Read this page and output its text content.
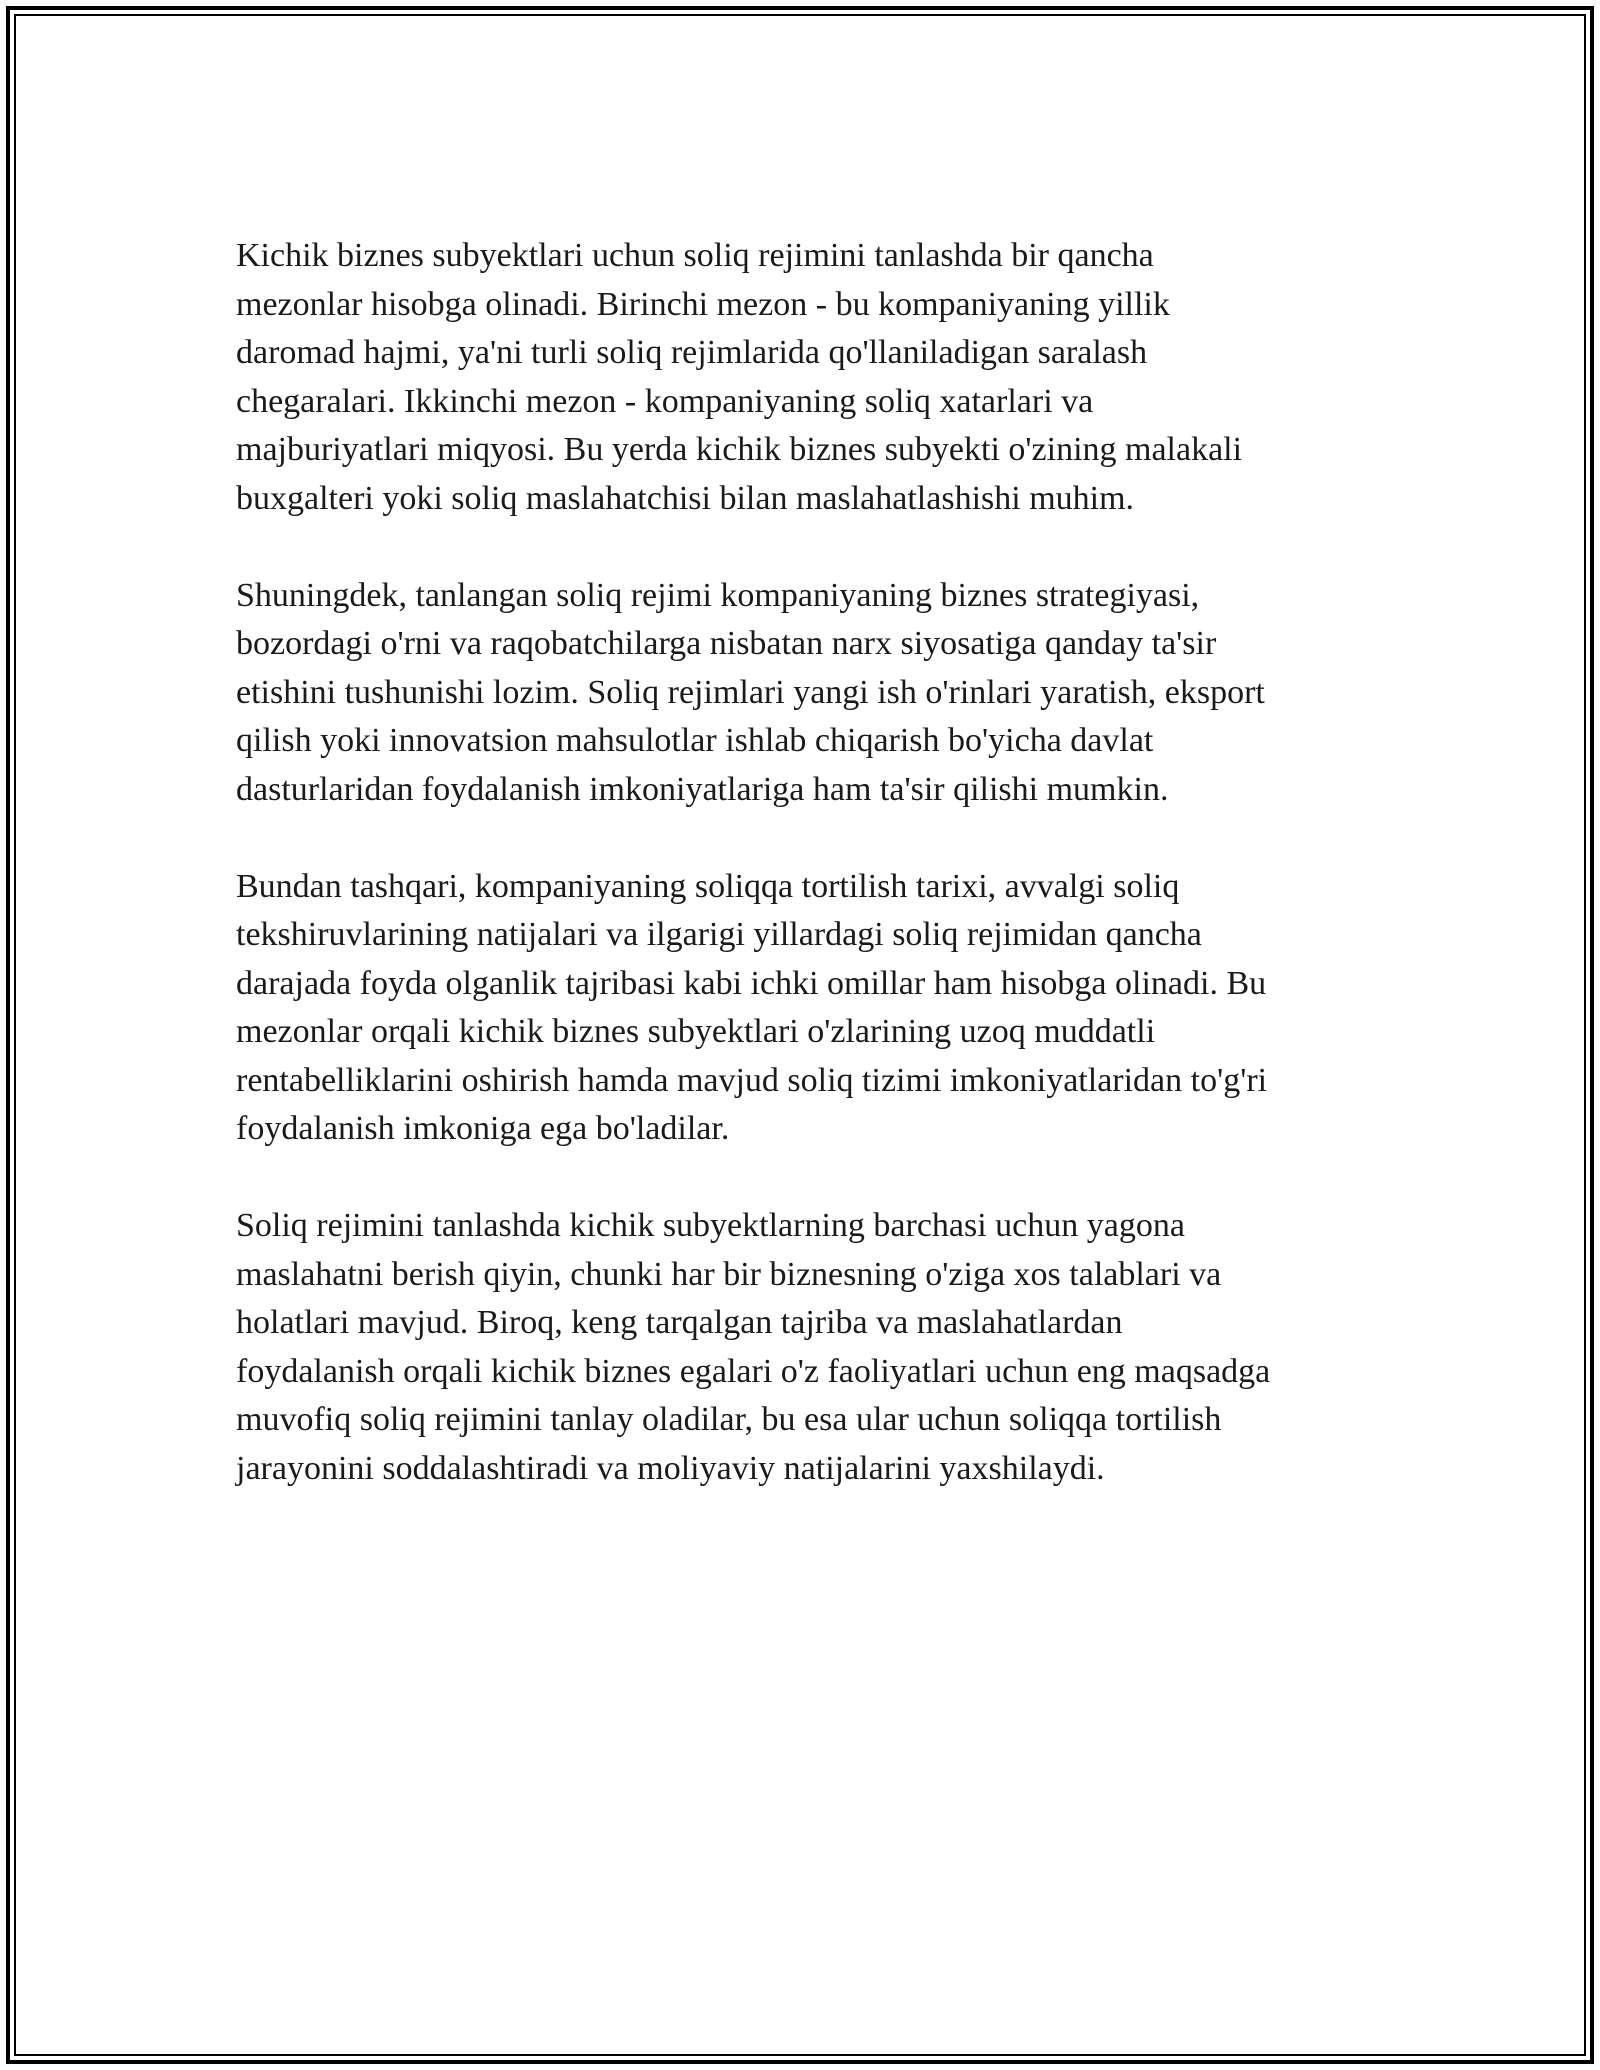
Kichik biznes subyektlari uchun soliq rejimini tanlashda bir qancha
mezonlar hisobga olinadi. Birinchi mezon - bu kompaniyaning yillik
daromad hajmi, ya'ni turli soliq rejimlarida qo'llaniladigan saralash
chegaralari. Ikkinchi mezon - kompaniyaning soliq xatarlari va
majburiyatlari miqyosi. Bu yerda kichik biznes subyekti o'zining malakali
buxgalteri yoki soliq maslahatchisi bilan maslahatlashishi muhim.

Shuningdek, tanlangan soliq rejimi kompaniyaning biznes strategiyasi,
bozordagi o'rni va raqobatchilarga nisbatan narx siyosatiga qanday ta'sir
etishini tushunishi lozim. Soliq rejimlari yangi ish o'rinlari yaratish, eksport
qilish yoki innovatsion mahsulotlar ishlab chiqarish bo'yicha davlat
dasturlaridan foydalanish imkoniyatlariga ham ta'sir qilishi mumkin.

Bundan tashqari, kompaniyaning soliqqa tortilish tarixi, avvalgi soliq
tekshiruvlarining natijalari va ilgarigi yillardagi soliq rejimidan qancha
darajada foyda olganlik tajribasi kabi ichki omillar ham hisobga olinadi. Bu
mezonlar orqali kichik biznes subyektlari o'zlarining uzoq muddatli
rentabelliklarini oshirish hamda mavjud soliq tizimi imkoniyatlaridan to'g'ri
foydalanish imkoniga ega bo'ladilar.

Soliq rejimini tanlashda kichik subyektlarning barchasi uchun yagona
maslahatni berish qiyin, chunki har bir biznesning o'ziga xos talablari va
holatlari mavjud. Biroq, keng tarqalgan tajriba va maslahatlardan
foydalanish orqali kichik biznes egalari o'z faoliyatlari uchun eng maqsadga
muvofiq soliq rejimini tanlay oladilar, bu esa ular uchun soliqqa tortilish
jarayonini soddalashtiradi va moliyaviy natijalarini yaxshilaydi.
